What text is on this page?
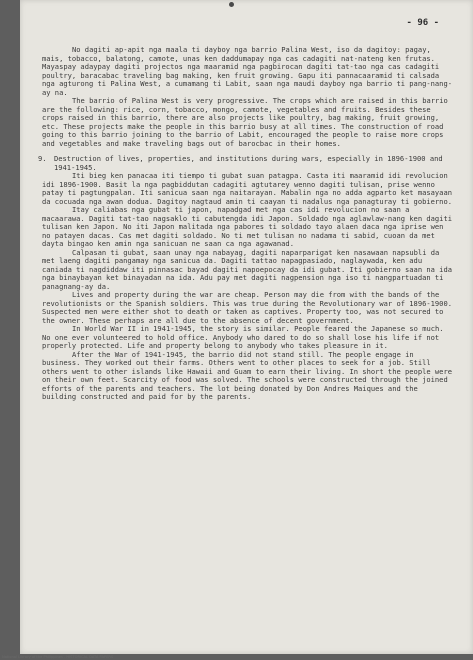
- 96 -

No dagiti ap-apit nga maala ti dayboy nga barrio Palina West, iso da dagitoy: pagay, mais, tobacco, balatong, camote, unas ken daddumapay nga cas cadagiti nat-nateng ken frutas. Mayaspay adaypay dagiti projectos nga maaramid nga pagbirocan dagiti tat-tao nga cas cadagiti poultry, baracabac traveling bag making, ken fruit growing. Gapu iti pannacaaramid ti calsada nga agturong ti Palina West, a cumamang ti Labit, saan nga maudi dayboy nga barrio ti pang-nang-ay na.

The barrio of Palina West is very progressive. The crops which are raised in this barrio are the following: rice, corn, tobacco, mongo, camote, vegetables and fruits. Besides these crops raised in this barrio, there are also projects like poultry, bag making, fruit growing, etc. These projects make the people in this barrio busy at all times. The construction of road going to this barrio joining to the barrio of Labit, encouraged the people to raise more crops and vegetables and make traveling bags out of barocbac in their homes.

9. Destruction of lives, properties, and institutions during wars, especially in 1896-1900 and 1941-1945.

Iti bieg ken panacaa iti tiempo ti gubat suan patagpa. Casta iti maaramid idi revolucion idi 1896-1900. Basit la nga pagbiddutan cadagiti agtutarey wenno dagiti tulisan, prise wenno patay ti pagtungpalan. Iti sanicua saan nga naitarayan. Mabalin nga no adda agparto ket masayaan da cocuada nga awan dodua. Dagitoy nagtaud amin ti caayan ti nadalus nga panagturay ti gobierno.

Itay caliabas nga gubat ti japon, napadgad met nga cas idi revolucion no saan a macaarawa. Dagiti tat-tao nagsaklo ti cabutengda idi Japon. Soldado nga aglawlaw-nang ken dagiti tulisan ken Japon. No iti Japon malitada nga pabores ti soldado tayo alaen daca nga iprise wen no patayen dacas. Cas met dagiti soldado. No ti met tulisan no nadama ti sabid, cuoan da met dayta bingao ken amin nga sanicuan ne saan ca nga agawanad.

Calpasan ti gubat, saan unay nga nabayag, dagiti naparparigat ken nasawaan napsubli da met laeng dagiti pangamay nga sanicua da. Dagiti tattao napagpasiado, naglaywada, ken adu caniada ti nagdiddaw iti pinnasac bayad dagiti napoepocay da idi gubat. Iti gobierno saan na ida nga binaybayan ket binayadan na ida. Adu pay met dagiti nagpension nga iso ti nangpartuadan ti panagnang-ay da.

Lives and property during the war are cheap. Person may die from with the bands of the revolutionists or the Spanish soldiers. This was true during the Revolutionary war of 1896-1900. Suspected men were either shot to death or taken as captives. Property too, was not secured to the owner. These perhaps are all due to the absence of decent government.

In World War II in 1941-1945, the story is similar. People feared the Japanese so much. No one ever volunteered to hold office. Anybody who dared to do so shall lose his life if not properly protected. Life and property belong to anybody who takes pleasure in it.

After the War of 1941-1945, the barrio did not stand still. The people engage in business. They worked out their farms. Others went to other places to seek for a job. Still others went to other islands like Hawaii and Guam to earn their living. In short the people were on their own feet. Scarcity of food was solved. The schools were constructed through the joined efforts of the parents and teachers. The lot being donated by Don Andres Maiques and the building constructed and paid for by the parents.

National Library of the Philippines - HISTORICAL DATA PAPERS
